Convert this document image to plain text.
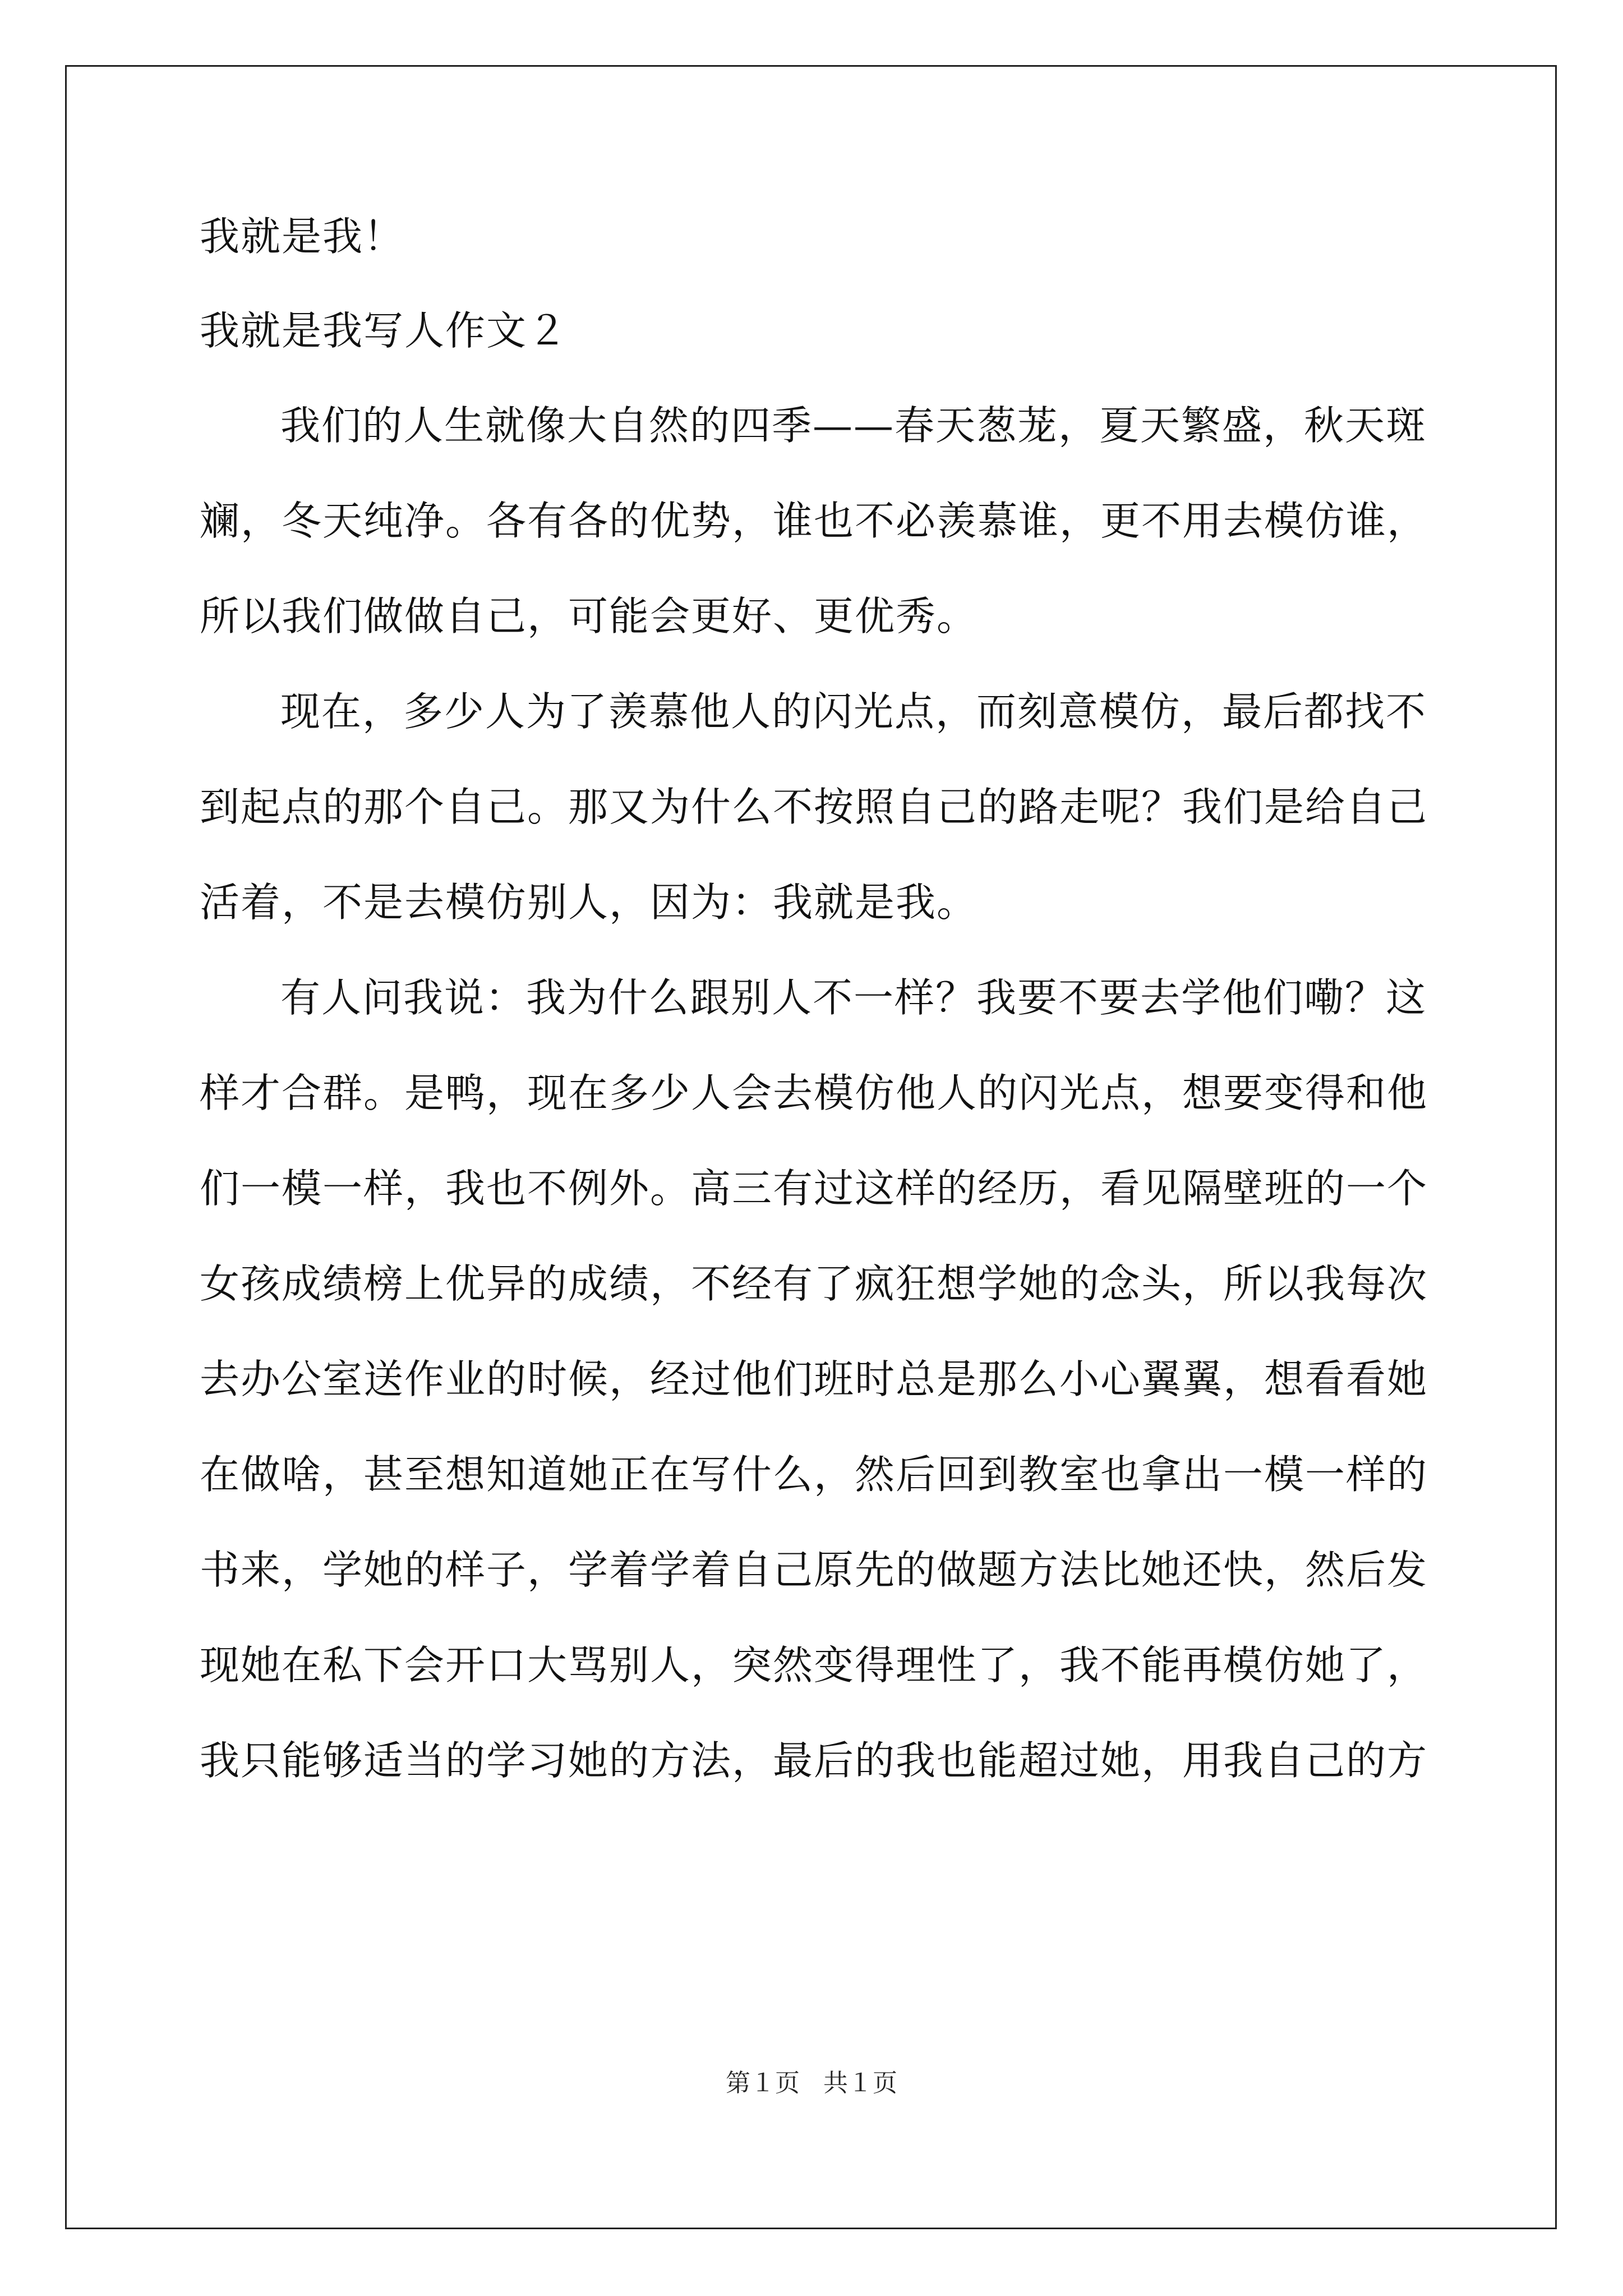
我就是我！

我就是我写人作文２

我们的人生就像大自然的四季——春天葱茏，夏天繁盛，秋天斑
斓，冬天纯净。各有各的优势，谁也不必羡慕谁，更不用去模仿谁，
所以我们做做自己，可能会更好、更优秀。
现在，多少人为了羡慕他人的闪光点，而刻意模仿，最后都找不
到起点的那个自己。那又为什么不按照自己的路走呢？我们是给自己
活着，不是去模仿别人，因为：我就是我。
有人问我说：我为什么跟别人不一样？我要不要去学他们嘞？这
样才合群。是鸭，现在多少人会去模仿他人的闪光点，想要变得和他
们一模一样，我也不例外。高三有过这样的经历，看见隔壁班的一个
女孩成绩榜上优异的成绩，不经有了疯狂想学她的念头，所以我每次
去办公室送作业的时候，经过他们班时总是那么小心翼翼，想看看她
在做啥，甚至想知道她正在写什么，然后回到教室也拿出一模一样的
书来，学她的样子，学着学着自己原先的做题方法比她还快，然后发
现她在私下会开口大骂别人，突然变得理性了，我不能再模仿她了，
我只能够适当的学习她的方法，最后的我也能超过她，用我自己的方
第１页 共１页
